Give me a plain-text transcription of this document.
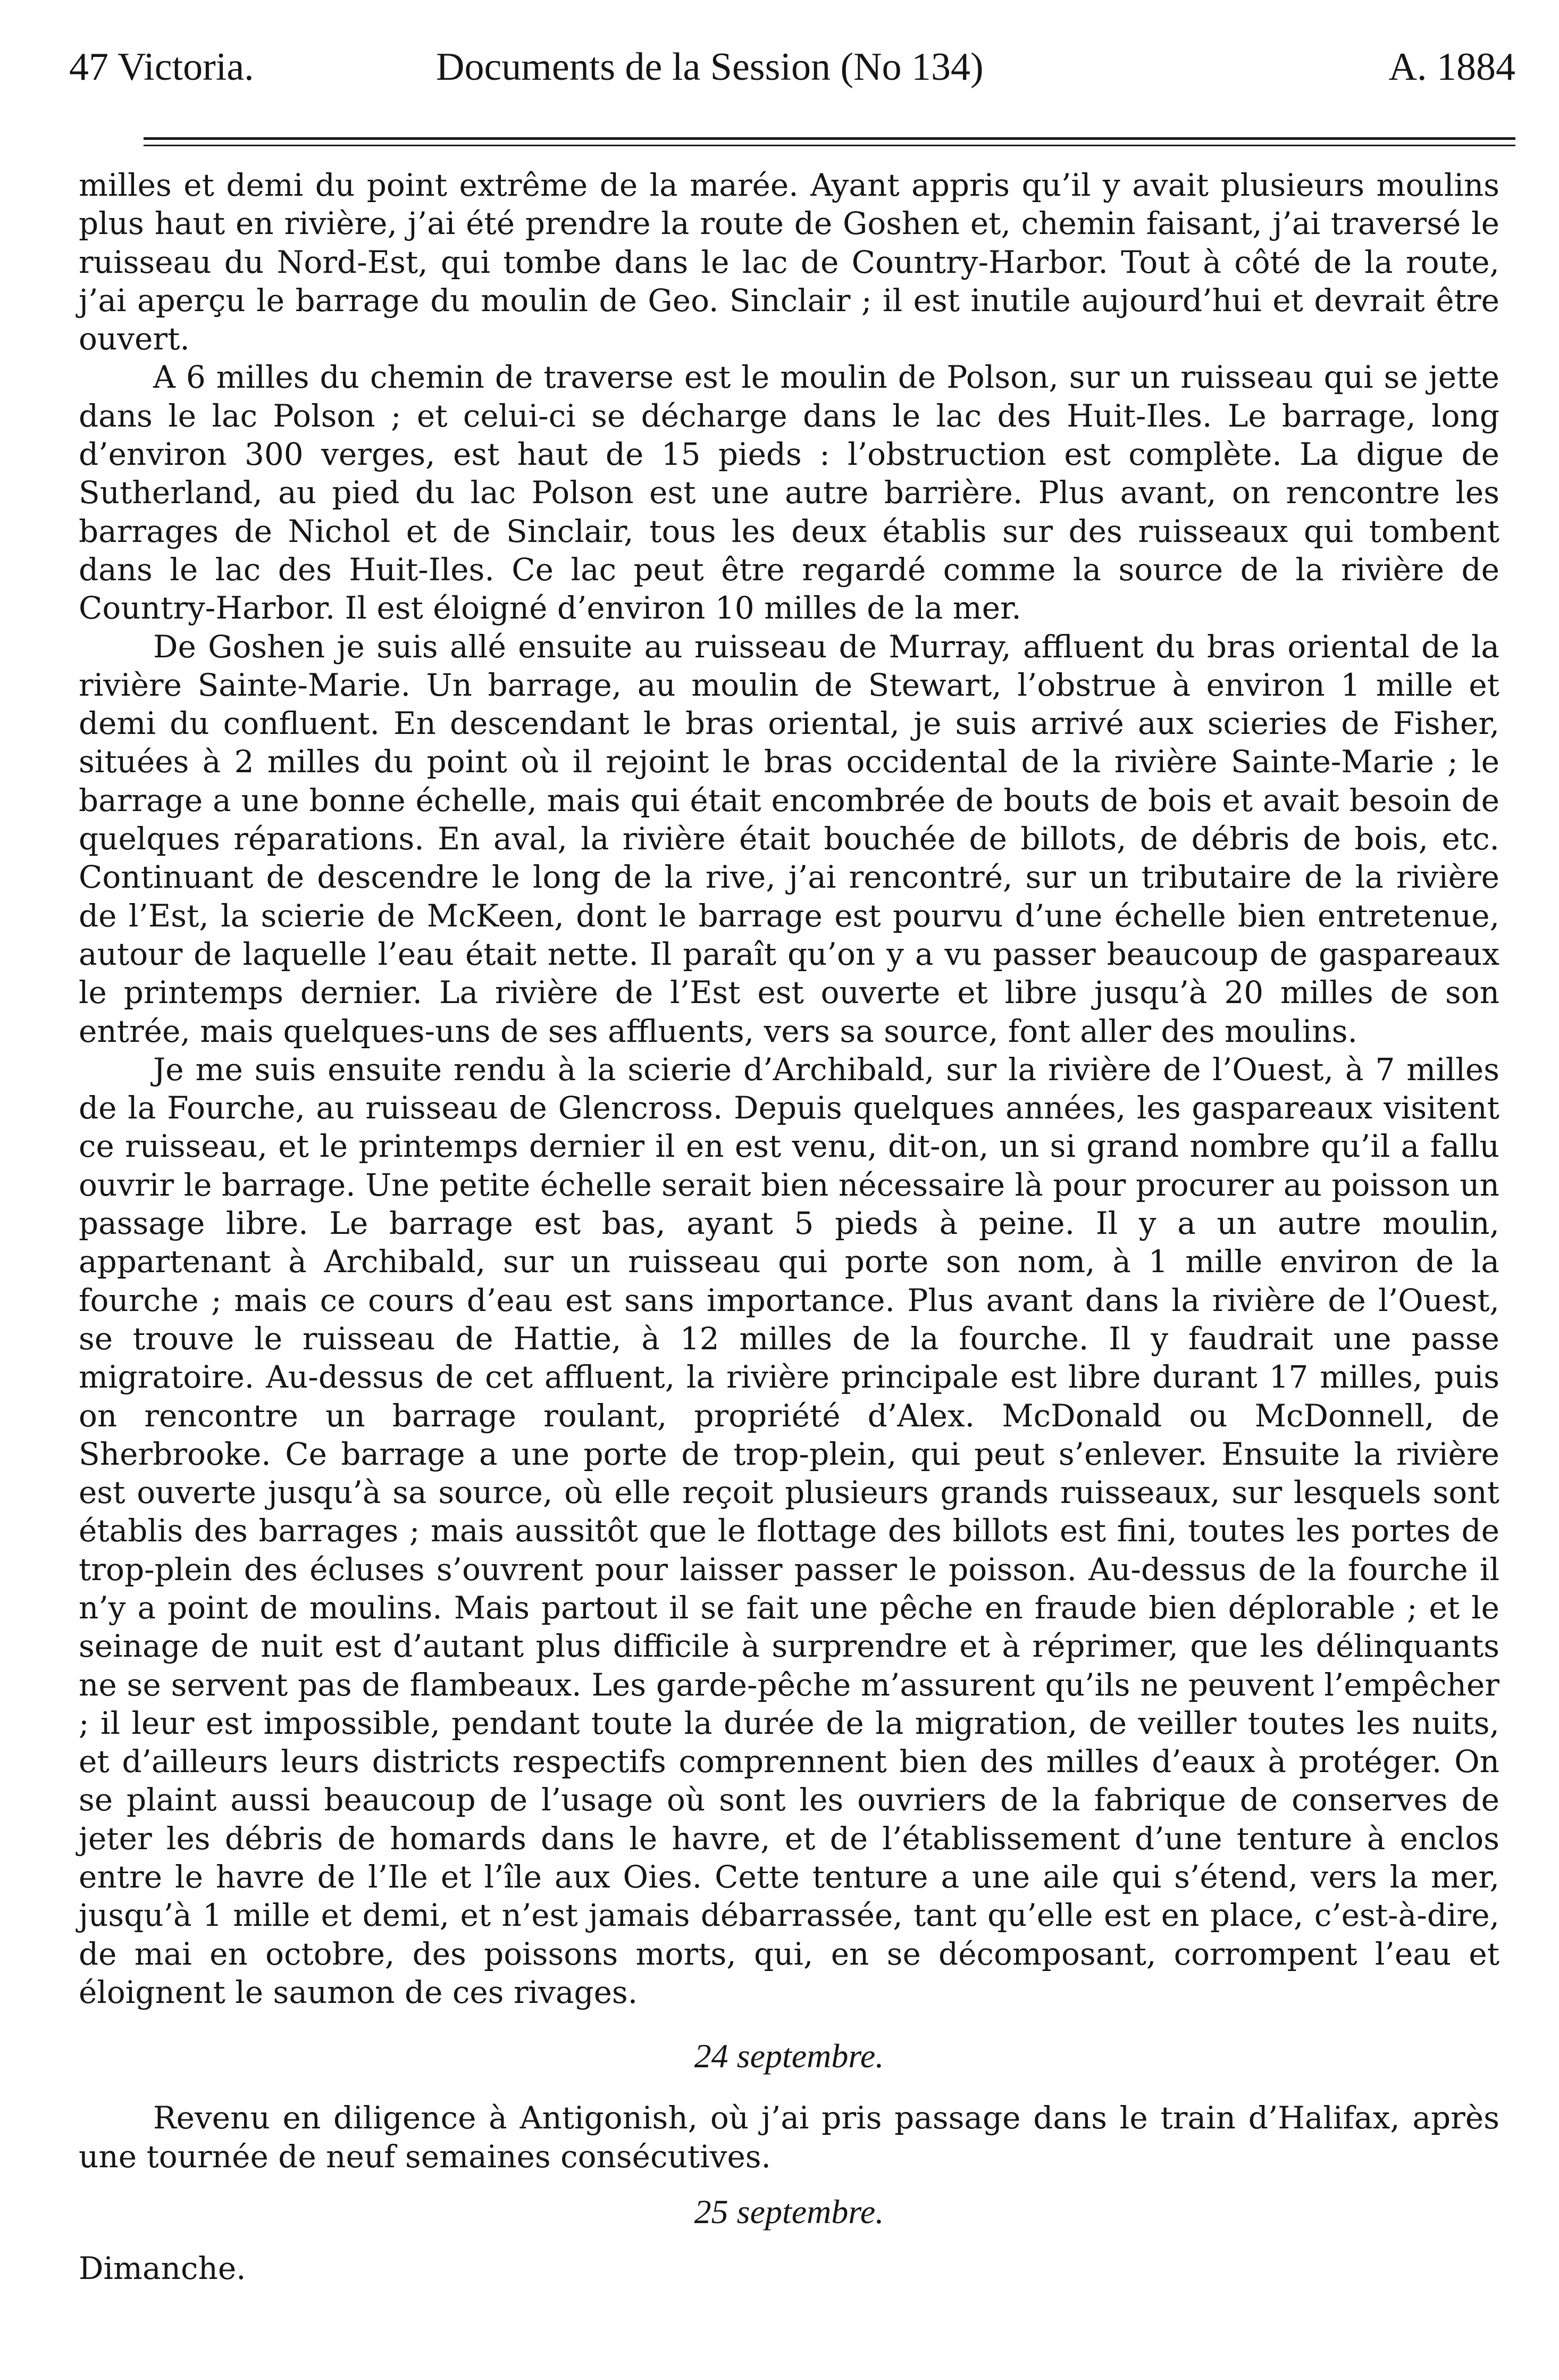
47 Victoria.	Documents de la Session (No 134)	A. 1884

milles et demi du point extrême de la marée. Ayant appris qu’il y avait plusieurs moulins plus haut en rivière, j’ai été prendre la route de Goshen et, chemin faisant, j’ai traversé le ruisseau du Nord-Est, qui tombe dans le lac de Country-Harbor. Tout à côté de la route, j’ai aperçu le barrage du moulin de Geo. Sinclair ; il est inutile aujourd’hui et devrait être ouvert.

A 6 milles du chemin de traverse est le moulin de Polson, sur un ruisseau qui se jette dans le lac Polson ; et celui-ci se décharge dans le lac des Huit-Iles. Le barrage, long d’environ 300 verges, est haut de 15 pieds : l’obstruction est complète. La digue de Sutherland, au pied du lac Polson est une autre barrière. Plus avant, on rencontre les barrages de Nichol et de Sinclair, tous les deux établis sur des ruisseaux qui tombent dans le lac des Huit-Iles. Ce lac peut être regardé comme la source de la rivière de Country-Harbor. Il est éloigné d’environ 10 milles de la mer.

De Goshen je suis allé ensuite au ruisseau de Murray, affluent du bras oriental de la rivière Sainte-Marie. Un barrage, au moulin de Stewart, l’obstrue à environ 1 mille et demi du confluent. En descendant le bras oriental, je suis arrivé aux scieries de Fisher, situées à 2 milles du point où il rejoint le bras occidental de la rivière Sainte-Marie ; le barrage a une bonne échelle, mais qui était encombrée de bouts de bois et avait besoin de quelques réparations. En aval, la rivière était bouchée de billots, de débris de bois, etc. Continuant de descendre le long de la rive, j’ai rencontré, sur un tributaire de la rivière de l’Est, la scierie de McKeen, dont le barrage est pourvu d’une échelle bien entretenue, autour de laquelle l’eau était nette. Il paraît qu’on y a vu passer beaucoup de gaspareaux le printemps dernier. La rivière de l’Est est ouverte et libre jusqu’à 20 milles de son entrée, mais quelques-uns de ses affluents, vers sa source, font aller des moulins.

Je me suis ensuite rendu à la scierie d’Archibald, sur la rivière de l’Ouest, à 7 milles de la Fourche, au ruisseau de Glencross. Depuis quelques années, les gaspareaux visitent ce ruisseau, et le printemps dernier il en est venu, dit-on, un si grand nombre qu’il a fallu ouvrir le barrage. Une petite échelle serait bien nécessaire là pour procurer au poisson un passage libre. Le barrage est bas, ayant 5 pieds à peine. Il y a un autre moulin, appartenant à Archibald, sur un ruisseau qui porte son nom, à 1 mille environ de la fourche ; mais ce cours d’eau est sans importance. Plus avant dans la rivière de l’Ouest, se trouve le ruisseau de Hattie, à 12 milles de la fourche. Il y faudrait une passe migratoire. Au-dessus de cet affluent, la rivière principale est libre durant 17 milles, puis on rencontre un barrage roulant, propriété d’Alex. McDonald ou McDonnell, de Sherbrooke. Ce barrage a une porte de trop-plein, qui peut s’enlever. Ensuite la rivière est ouverte jusqu’à sa source, où elle reçoit plusieurs grands ruisseaux, sur lesquels sont établis des barrages ; mais aussitôt que le flottage des billots est fini, toutes les portes de trop-plein des écluses s’ouvrent pour laisser passer le poisson. Au-dessus de la fourche il n’y a point de moulins. Mais partout il se fait une pêche en fraude bien déplorable ; et le seinage de nuit est d’autant plus difficile à surprendre et à réprimer, que les délinquants ne se servent pas de flambeaux. Les garde-pêche m’assurent qu’ils ne peuvent l’empêcher ; il leur est impossible, pendant toute la durée de la migration, de veiller toutes les nuits, et d’ailleurs leurs districts respectifs comprennent bien des milles d’eaux à protéger. On se plaint aussi beaucoup de l’usage où sont les ouvriers de la fabrique de conserves de jeter les débris de homards dans le havre, et de l’établissement d’une tenture à enclos entre le havre de l’Ile et l’île aux Oies. Cette tenture a une aile qui s’étend, vers la mer, jusqu’à 1 mille et demi, et n’est jamais débarrassée, tant qu’elle est en place, c’est-à-dire, de mai en octobre, des poissons morts, qui, en se décomposant, corrompent l’eau et éloignent le saumon de ces rivages.

24 septembre.

Revenu en diligence à Antigonish, où j’ai pris passage dans le train d’Halifax, après une tournée de neuf semaines consécutives.

25 septembre.

Dimanche.
